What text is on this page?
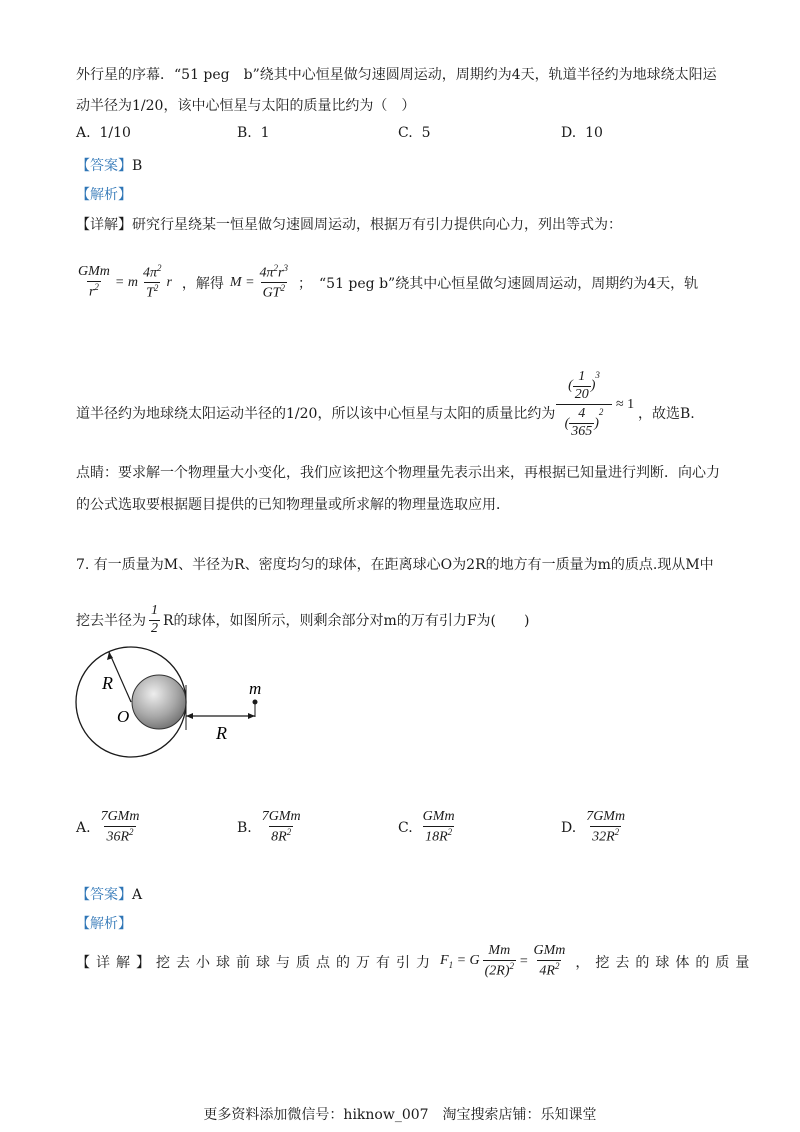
外行星的序幕．“51 peg　b”绕其中心恒星做匀速圆周运动，周期约为4天，轨道半径约为地球绕太阳运
动半径为1/20，该中心恒星与太阳的质量比约为（　）
A. 1/10	B. 1	C. 5	D. 10
【答案】B
【解析】
【详解】研究行星绕某一恒星做匀速圆周运动，根据万有引力提供向心力，列出等式为：
$\frac{\text{GMm}}{r^2} = m \frac{4\pi^2}{T^2}$ r ，解得 $M = \frac{4\pi^2r^3}{GT^2}$ ；　“51 peg b”绕其中心恒星做匀速圆周运动，周期约为4天，轨
道半径约为地球绕太阳运动半径的1/20，所以该中心恒星与太阳的质量比约为
( $\frac{1}{20}$ )
$^3$
( $\frac{4}{365}$ )
$^2$
≈ 1
，故选B.
点睛：要求解一个物理量大小变化，我们应该把这个物理量先表示出来，再根据已知量进行判断．向心力
的公式选取要根据题目提供的已知物理量或所求解的物理量选取应用．
7. 有一质量为M、半径为R、密度均匀的球体，在距离球心O为2R的地方有一质量为m的质点.现从M中
挖去半径为 $\frac{1}{2}$ R的球体，如图所示，则剩余部分对m的万有引力F为(　　)
R
O
R
m
A. $\frac{\text{7GMm}}{36R^2}$	B. $\frac{\text{7GMm}}{8R^2}$	C. $\frac{\text{GMm}}{18R^2}$	D. $\frac{\text{7GMm}}{32R^2}$
【答案】A
【解析】
【详解】 挖去小球前球与质点的万有引力 $F_1 = G \frac{Mm}{(2R)^2} = \frac{\text{GMm}}{4R^2}$ ，挖去的球体的质量
更多资料添加微信号：hiknow_007　淘宝搜索店铺：乐知课堂
